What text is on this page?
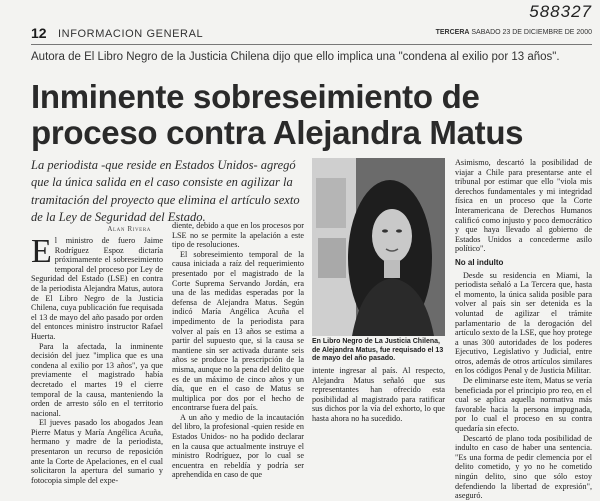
588327
12 INFORMACION GENERAL	TERCERA SABADO 23 DE DICIEMBRE DE 2000
Autora de El Libro Negro de la Justicia Chilena dijo que ello implica una "condena al exilio por 13 años".
Inminente sobreseimiento de
proceso contra Alejandra Matus
La periodista -que reside en Estados Unidos- agregó que la única salida en el caso consiste en agilizar la tramitación del proyecto que elimina el artículo sexto de la Ley de Seguridad del Estado.
Alan Rivera

El ministro de fuero Jaime Rodríguez Espoz dictaría próximamente el sobreseimiento temporal del proceso por Ley de Seguridad del Estado (LSE) en contra de la periodista Alejandra Matus, autora de El Libro Negro de la Justicia Chilena, cuya publicación fue requisada el 13 de mayo del año pasado por orden del entonces ministro instructor Rafael Huerta.

Para la afectada, la inminente decisión del juez "implica que es una condena al exilio por 13 años", ya que previamente el magistrado había decretado el martes 19 el cierre temporal de la causa, manteniendo la orden de arresto sólo en el territorio nacional.

El jueves pasado los abogados Jean Pierre Matus y María Angélica Acuña, hermano y madre de la periodista, presentaron un recurso de reposición ante la Corte de Apelaciones, en el cual solicitaron la apertura del sumario y fotocopia simple del expe-

diente, debido a que en los procesos por LSE no se permite la apelación a este tipo de resoluciones.

El sobreseimiento temporal de la causa iniciada a raíz del requerimiento presentado por el magistrado de la Corte Suprema Servando Jordán, era una de las medidas esperadas por la defensa de Alejandra Matus. Según indicó María Angélica Acuña el impedimento de la periodista para volver al país en 13 años se estima a partir del supuesto que, si la causa se mantiene sin ser activada durante seis años se produce la prescripción de la misma, aunque no la pena del delito que es de un máximo de cinco años y un día, que en el caso de Matus se multiplica por dos por el hecho de encontrarse fuera del país.

A un año y medio de la incautación del libro, la profesional -quien reside en Estados Unidos- no ha podido declarar en la causa que actualmente instruye el ministro Rodríguez, por lo cual se encuentra en rebeldía y podría ser aprehendida en caso de que

En Libro Negro de La Justicia Chilena, de Alejandra Matus, fue requisado el 13 de mayo del año pasado.

intente ingresar al país. Al respecto, Alejandra Matus señaló que sus representantes han ofrecido esta posibilidad al magistrado para ratificar sus dichos por la vía del exhorto, lo que hasta ahora no ha sucedido.

Asimismo, descartó la posibilidad de viajar a Chile para presentarse ante el tribunal por estimar que ello "viola mis derechos fundamentales y mi integridad física en un proceso que la Corte Interamericana de Derechos Humanos calificó como injusto y poco democrático y que haya llevado al gobierno de Estados Unidos a concederme asilo político".

No al indulto

Desde su residencia en Miami, la periodista señaló a La Tercera que, hasta el momento, la única salida posible para volver al país sin ser detenida es la voluntad de agilizar el trámite parlamentario de la derogación del artículo sexto de la LSE, que hoy protege a unas 300 autoridades de los poderes Ejecutivo, Legislativo y Judicial, entre otros, además de otros artículos similares en los códigos Penal y de Justicia Militar.

De eliminarse este ítem, Matus se vería beneficiada por el principio pro reo, en el cual se aplica aquella normativa más favorable hacia la persona impugnada, por lo cual el proceso en su contra quedaría sin efecto.

Descartó de plano toda posibilidad de indulto en caso de haber una sentencia. "Es una forma de pedir clemencia por el delito cometido, y yo no he cometido ningún delito, sino que sólo estoy defendiendo la libertad de expresión", aseguró.
